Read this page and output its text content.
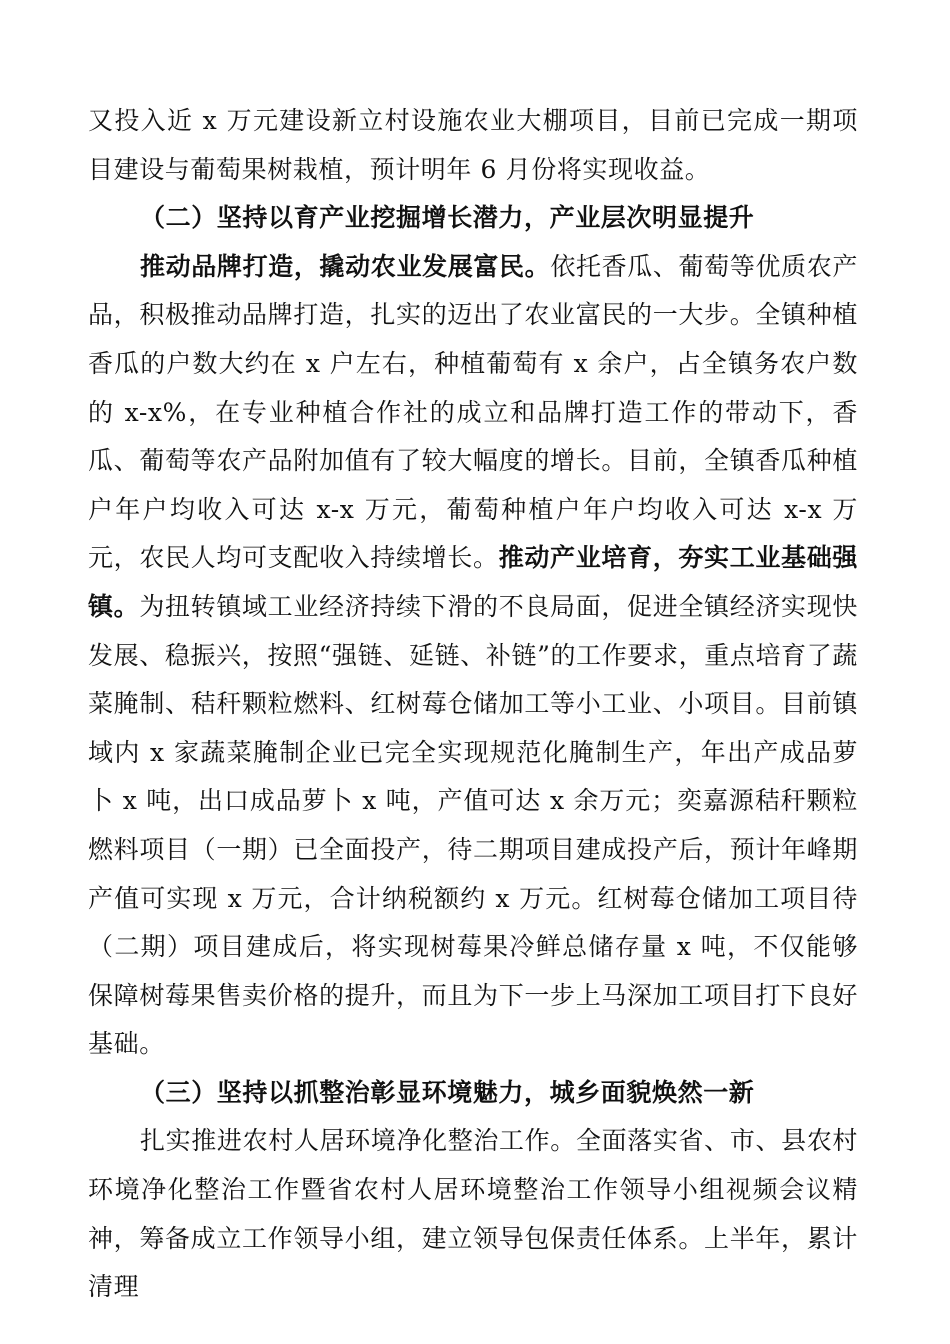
又投入近 x 万元建设新立村设施农业大棚项目，目前已完成一期项目建设与葡萄果树栽植，预计明年 6 月份将实现收益。

（二）坚持以育产业挖掘增长潜力，产业层次明显提升

推动品牌打造，撬动农业发展富民。依托香瓜、葡萄等优质农产品，积极推动品牌打造，扎实的迈出了农业富民的一大步。全镇种植香瓜的户数大约在 x 户左右，种植葡萄有 x 余户，占全镇务农户数的 x-x%，在专业种植合作社的成立和品牌打造工作的带动下，香瓜、葡萄等农产品附加值有了较大幅度的增长。目前，全镇香瓜种植户年户均收入可达 x-x 万元，葡萄种植户年户均收入可达 x-x 万元，农民人均可支配收入持续增长。推动产业培育，夯实工业基础强镇。为扭转镇域工业经济持续下滑的不良局面，促进全镇经济实现快发展、稳振兴，按照“强链、延链、补链”的工作要求，重点培育了蔬菜腌制、秸秆颗粒燃料、红树莓仓储加工等小工业、小项目。目前镇域内 x 家蔬菜腌制企业已完全实现规范化腌制生产，年出产成品萝卜 x 吨，出口成品萝卜 x 吨，产值可达 x 余万元；奕嘉源秸秆颗粒燃料项目（一期）已全面投产，待二期项目建成投产后，预计年峰期产值可实现 x 万元，合计纳税额约 x 万元。红树莓仓储加工项目待（二期）项目建成后，将实现树莓果冷鲜总储存量 x 吨，不仅能够保障树莓果售卖价格的提升，而且为下一步上马深加工项目打下良好基础。

（三）坚持以抓整治彰显环境魅力，城乡面貌焕然一新

扎实推进农村人居环境净化整治工作。全面落实省、市、县农村环境净化整治工作暨省农村人居环境整治工作领导小组视频会议精神，筹备成立工作领导小组，建立领导包保责任体系。上半年，累计清理
